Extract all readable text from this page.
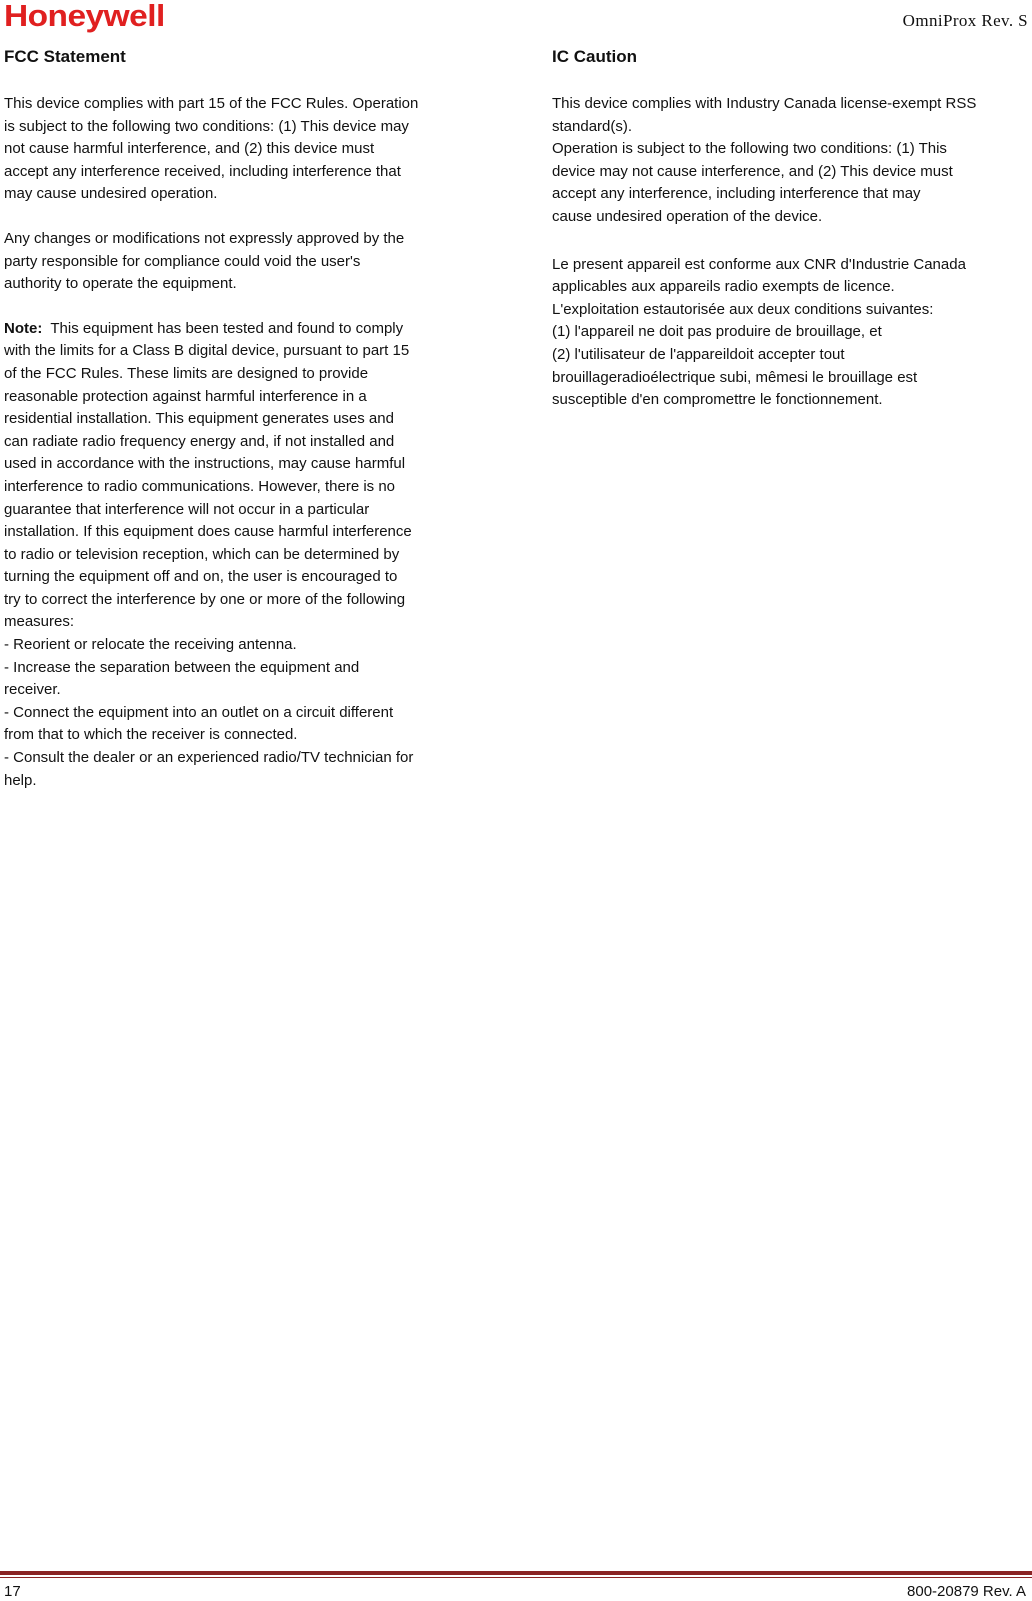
Honeywell	OmniProx Rev. S
FCC Statement
This device complies with part 15 of the FCC Rules. Operation
is subject to the following two conditions: (1) This device may
not cause harmful interference, and (2) this device must
accept any interference received, including interference that
may cause undesired operation.
Any changes or modifications not expressly approved by the
party responsible for compliance could void the user's
authority to operate the equipment.
Note:  This equipment has been tested and found to comply
with the limits for a Class B digital device, pursuant to part 15
of the FCC Rules. These limits are designed to provide
reasonable protection against harmful interference in a
residential installation. This equipment generates uses and
can radiate radio frequency energy and, if not installed and
used in accordance with the instructions, may cause harmful
interference to radio communications. However, there is no
guarantee that interference will not occur in a particular
installation. If this equipment does cause harmful interference
to radio or television reception, which can be determined by
turning the equipment off and on, the user is encouraged to
try to correct the interference by one or more of the following
measures:
- Reorient or relocate the receiving antenna.
- Increase the separation between the equipment and
receiver.
- Connect the equipment into an outlet on a circuit different
from that to which the receiver is connected.
- Consult the dealer or an experienced radio/TV technician for
help.
IC Caution
This device complies with Industry Canada license-exempt RSS
standard(s).
Operation is subject to the following two conditions: (1) This
device may not cause interference, and (2) This device must
accept any interference, including interference that may
cause undesired operation of the device.
Le present appareil est conforme aux CNR d'Industrie Canada
applicables aux appareils radio exempts de licence.
L'exploitation estautorisée aux deux conditions suivantes:
(1) l'appareil ne doit pas produire de brouillage, et
(2) l'utilisateur de l'appareildoit accepter tout
brouillageradioélectrique subi, mêmesi le brouillage est
susceptible d'en compromettre le fonctionnement.
17	800-20879 Rev. A
